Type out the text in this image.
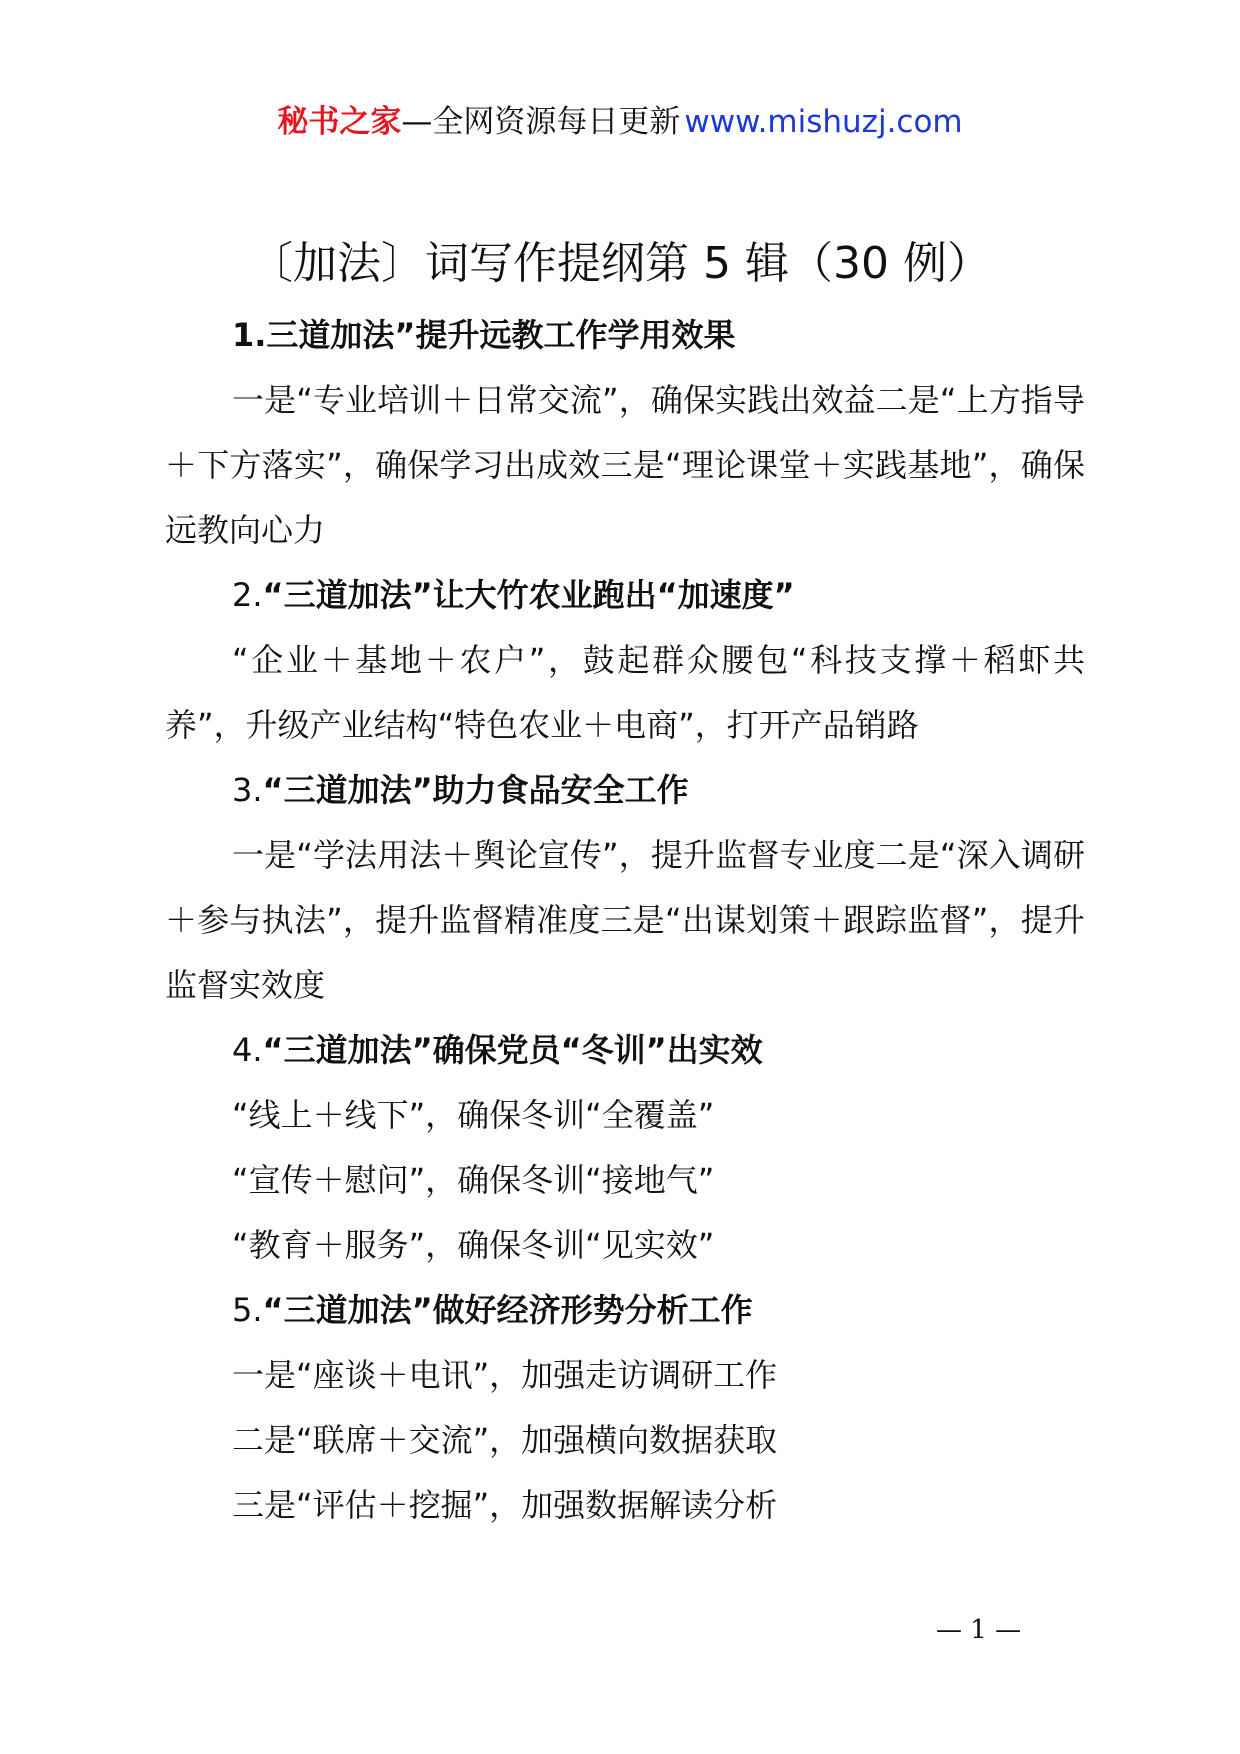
秘书之家—全网资源每日更新 www.mishuzj.com
〔加法〕词写作提纲第 5 辑（30 例）
1.三道加法”提升远教工作学用效果

一是“专业培训＋日常交流”，确保实践出效益二是“上方指导＋下方落实”，确保学习出成效三是“理论课堂＋实践基地”，确保远教向心力

2.“三道加法”让大竹农业跑出“加速度”

“企业＋基地＋农户”，鼓起群众腰包“科技支撑＋稻虾共养”，升级产业结构“特色农业＋电商”，打开产品销路

3.“三道加法”助力食品安全工作

一是“学法用法＋舆论宣传”，提升监督专业度二是“深入调研＋参与执法”，提升监督精准度三是“出谋划策＋跟踪监督”，提升监督实效度

4.“三道加法”确保党员“冬训”出实效

“线上＋线下”，确保冬训“全覆盖”

“宣传＋慰问”，确保冬训“接地气”

“教育＋服务”，确保冬训“见实效”

5.“三道加法”做好经济形势分析工作

一是“座谈＋电讯”，加强走访调研工作

二是“联席＋交流”，加强横向数据获取

三是“评估＋挖掘”，加强数据解读分析

— 1 —
